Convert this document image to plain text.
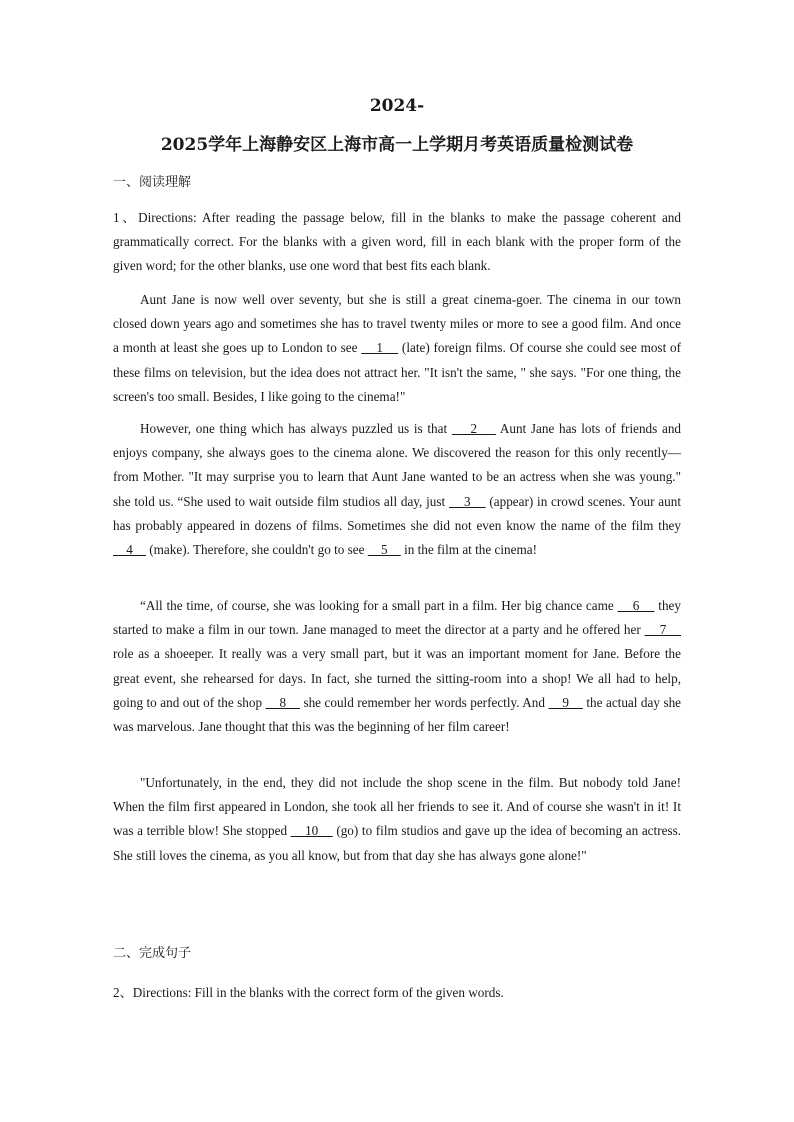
2024-
2025学年上海静安区上海市高一上学期月考英语质量检测试卷
一、阅读理解

1、Directions: After reading the passage below, fill in the blanks to make the passage coherent and grammatically correct. For the blanks with a given word, fill in each blank with the proper form of the given word; for the other blanks, use one word that best fits each blank.

Aunt Jane is now well over seventy, but she is still a great cinema-goer. The cinema in our town closed down years ago and sometimes she has to travel twenty miles or more to see a good film. And once a month at least she goes up to London to see     1     (late) foreign films. Of course she could see most of these films on television, but the idea does not attract her. "It isn't the same, " she says. "For one thing, the screen's too small. Besides, I like going to the cinema!"

However, one thing which has always puzzled us is that     2     Aunt Jane has lots of friends and enjoys company, she always goes to the cinema alone. We discovered the reason for this only recently—from Mother. "It may surprise you to learn that Aunt Jane wanted to be an actress when she was young." she told us. “She used to wait outside film studios all day, just     3     (appear) in crowd scenes. Your aunt has probably appeared in dozens of films. Sometimes she did not even know the name of the film they     4     (make). Therefore, she couldn't go to see     5     in the film at the cinema!

“All the time, of course, she was looking for a small part in a film. Her big chance came     6     they started to make a film in our town. Jane managed to meet the director at a party and he offered her     7     role as a shoeeper. It really was a very small part, but it was an important moment for Jane. Before the great event, she rehearsed for days. In fact, she turned the sitting-room into a shop! We all had to help, going to and out of the shop     8     she could remember her words perfectly. And     9     the actual day she was marvelous. Jane thought that this was the beginning of her film career!

"Unfortunately, in the end, they did not include the shop scene in the film. But nobody told Jane! When the film first appeared in London, she took all her friends to see it. And of course she wasn't in it! It was a terrible blow! She stopped     10     (go) to film studios and gave up the idea of becoming an actress. She still loves the cinema, as you all know, but from that day she has always gone alone!"

二、完成句子

2、Directions: Fill in the blanks with the correct form of the given words.
